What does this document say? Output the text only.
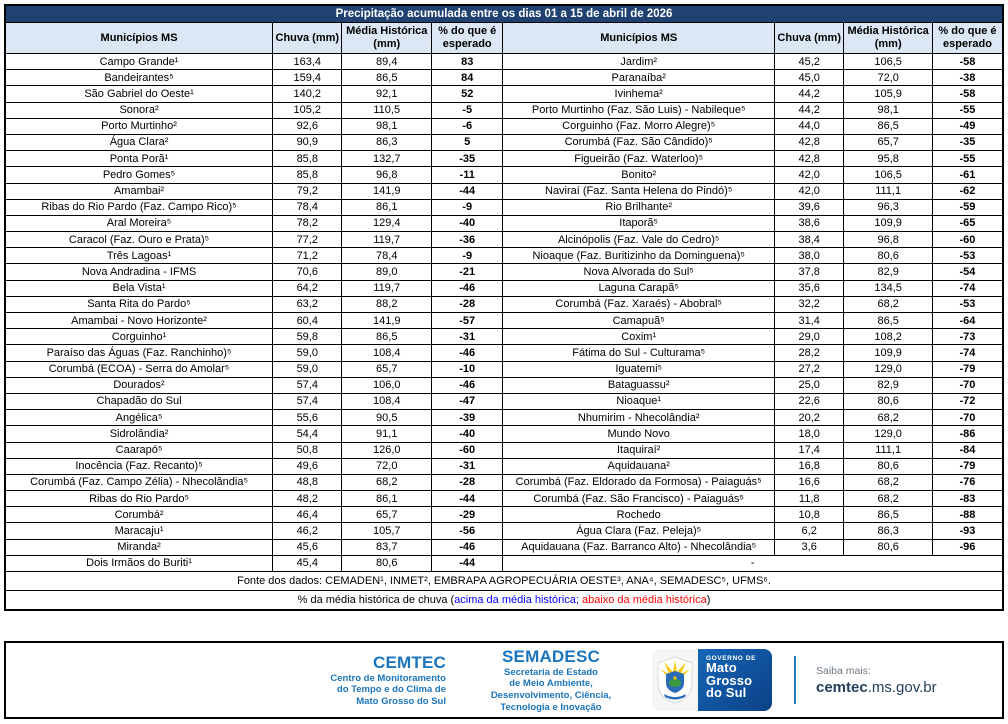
Precipitação acumulada entre os dias 01 a 15 de abril de 2026							
Municípios MS	Chuva (mm)	Média Histórica (mm)	% do que é esperado	Municípios MS	Chuva (mm)	Média Histórica (mm)	% do que é esperado
Campo Grande¹	163,4	89,4	83	Jardim²	45,2	106,5	-58
Bandeirantes⁵	159,4	86,5	84	Paranaíba²	45,0	72,0	-38
São Gabriel do Oeste¹	140,2	92,1	52	Ivinhema²	44,2	105,9	-58
Sonora²	105,2	110,5	-5	Porto Murtinho (Faz. São Luis) - Nabileque⁵	44,2	98,1	-55
Porto Murtinho²	92,6	98,1	-6	Corguinho (Faz. Morro Alegre)⁵	44,0	86,5	-49
Água Clara²	90,9	86,3	5	Corumbá (Faz. São Cândido)⁵	42,8	65,7	-35
Ponta Porã¹	85,8	132,7	-35	Figueirão (Faz. Waterloo)⁵	42,8	95,8	-55
Pedro Gomes⁵	85,8	96,8	-11	Bonito²	42,0	106,5	-61
Amambai²	79,2	141,9	-44	Naviraí (Faz. Santa Helena do Pindó)⁵	42,0	111,1	-62
Ribas do Rio Pardo (Faz. Campo Rico)⁵	78,4	86,1	-9	Rio Brilhante²	39,6	96,3	-59
Aral Moreira⁵	78,2	129,4	-40	Itaporã⁵	38,6	109,9	-65
Caracol (Faz. Ouro e Prata)⁵	77,2	119,7	-36	Alcinópolis (Faz. Vale do Cedro)⁵	38,4	96,8	-60
Três Lagoas¹	71,2	78,4	-9	Nioaque (Faz. Buritizinho da Dominguena)⁵	38,0	80,6	-53
Nova Andradina - IFMS	70,6	89,0	-21	Nova Alvorada do Sul⁵	37,8	82,9	-54
Bela Vista¹	64,2	119,7	-46	Laguna Carapã⁵	35,6	134,5	-74
Santa Rita do Pardo⁵	63,2	88,2	-28	Corumbá (Faz. Xaraés) - Abobral⁵	32,2	68,2	-53
Amambai - Novo Horizonte²	60,4	141,9	-57	Camapuã⁵	31,4	86,5	-64
Corguinho¹	59,8	86,5	-31	Coxim¹	29,0	108,2	-73
Paraíso das Águas (Faz. Ranchinho)⁵	59,0	108,4	-46	Fátima do Sul - Culturama⁵	28,2	109,9	-74
Corumbá (ECOA) - Serra do Amolar⁵	59,0	65,7	-10	Iguatemi⁵	27,2	129,0	-79
Dourados²	57,4	106,0	-46	Bataguassu²	25,0	82,9	-70
Chapadão do Sul	57,4	108,4	-47	Nioaque¹	22,6	80,6	-72
Angélica⁵	55,6	90,5	-39	Nhumirim - Nhecolândia²	20,2	68,2	-70
Sidrolândia²	54,4	91,1	-40	Mundo Novo	18,0	129,0	-86
Caarapó⁵	50,8	126,0	-60	Itaquiraí²	17,4	111,1	-84
Inocência (Faz. Recanto)⁵	49,6	72,0	-31	Aquidauana²	16,8	80,6	-79
Corumbá (Faz. Campo Zélia) - Nhecolândia⁵	48,8	68,2	-28	Corumbá (Faz. Eldorado da Formosa) - Paiaguás⁵	16,6	68,2	-76
Ribas do Rio Pardo⁵	48,2	86,1	-44	Corumbá (Faz. São Francisco) - Paiaguás⁵	11,8	68,2	-83
Corumbá²	46,4	65,7	-29	Rochedo	10,8	86,5	-88
Maracaju¹	46,2	105,7	-56	Água Clara (Faz. Peleja)⁵	6,2	86,3	-93
Miranda²	45,6	83,7	-46	Aquidauana (Faz. Barranco Alto) - Nhecolândia⁵	3,6	80,6	-96
Dois Irmãos do Buriti¹	45,4	80,6	-44	-			
Fonte dos dados: CEMADEN¹, INMET², EMBRAPA AGROPECUÁRIA OESTE³, ANA⁴, SEMADESC⁵, UFMS⁶.							
% da média histórica de chuva (acima da média histórica; abaixo da média histórica)							
CEMTEC
Centro de Monitoramento
do Tempo e do Clima de
Mato Grosso do Sul
SEMADESC
Secretaria de Estado
de Meio Ambiente,
Desenvolvimento, Ciência,
Tecnologia e Inovação
GOVERNO DE
Mato
Grosso
do Sul
Saiba mais:
cemtec.ms.gov.br
